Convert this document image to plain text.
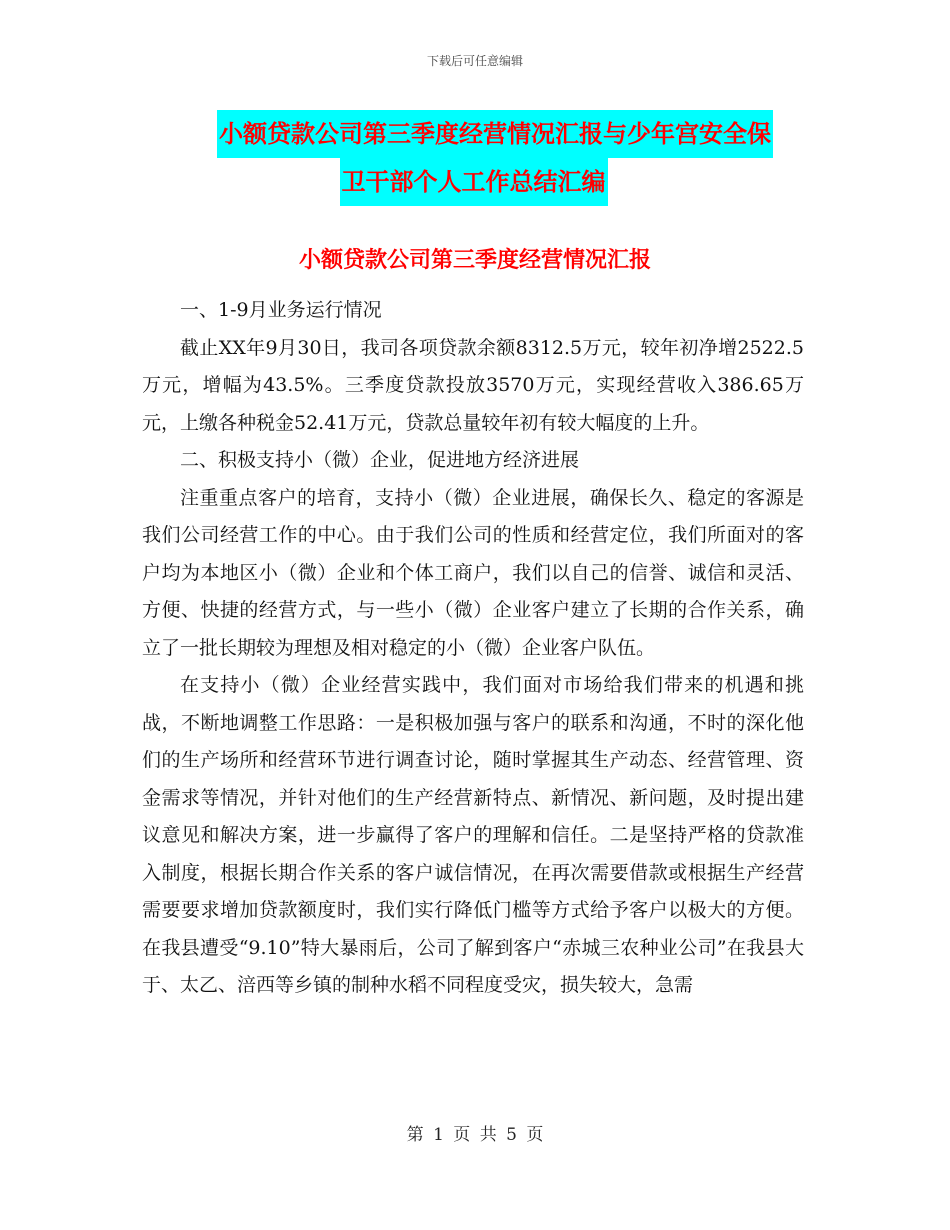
下载后可任意编辑
小额贷款公司第三季度经营情况汇报与少年宫安全保
卫干部个人工作总结汇编
小额贷款公司第三季度经营情况汇报

一、1-9月业务运行情况

截止XX年9月30日，我司各项贷款余额8312.5万元，较年初净增2522.5万元，增幅为43.5%。三季度贷款投放3570万元，实现经营收入386.65万元，上缴各种税金52.41万元，贷款总量较年初有较大幅度的上升。

二、积极支持小（微）企业，促进地方经济进展

注重重点客户的培育，支持小（微）企业进展，确保长久、稳定的客源是我们公司经营工作的中心。由于我们公司的性质和经营定位，我们所面对的客户均为本地区小（微）企业和个体工商户，我们以自己的信誉、诚信和灵活、方便、快捷的经营方式，与一些小（微）企业客户建立了长期的合作关系，确立了一批长期较为理想及相对稳定的小（微）企业客户队伍。

在支持小（微）企业经营实践中，我们面对市场给我们带来的机遇和挑战，不断地调整工作思路：一是积极加强与客户的联系和沟通，不时的深化他们的生产场所和经营环节进行调查讨论，随时掌握其生产动态、经营管理、资金需求等情况，并针对他们的生产经营新特点、新情况、新问题，及时提出建议意见和解决方案，进一步赢得了客户的理解和信任。二是坚持严格的贷款准入制度，根据长期合作关系的客户诚信情况，在再次需要借款或根据生产经营需要要求增加贷款额度时，我们实行降低门槛等方式给予客户以极大的方便。在我县遭受“9.10”特大暴雨后，公司了解到客户“赤城三农种业公司”在我县大于、太乙、涪西等乡镇的制种水稻不同程度受灾，损失较大，急需

第 1 页 共 5 页
